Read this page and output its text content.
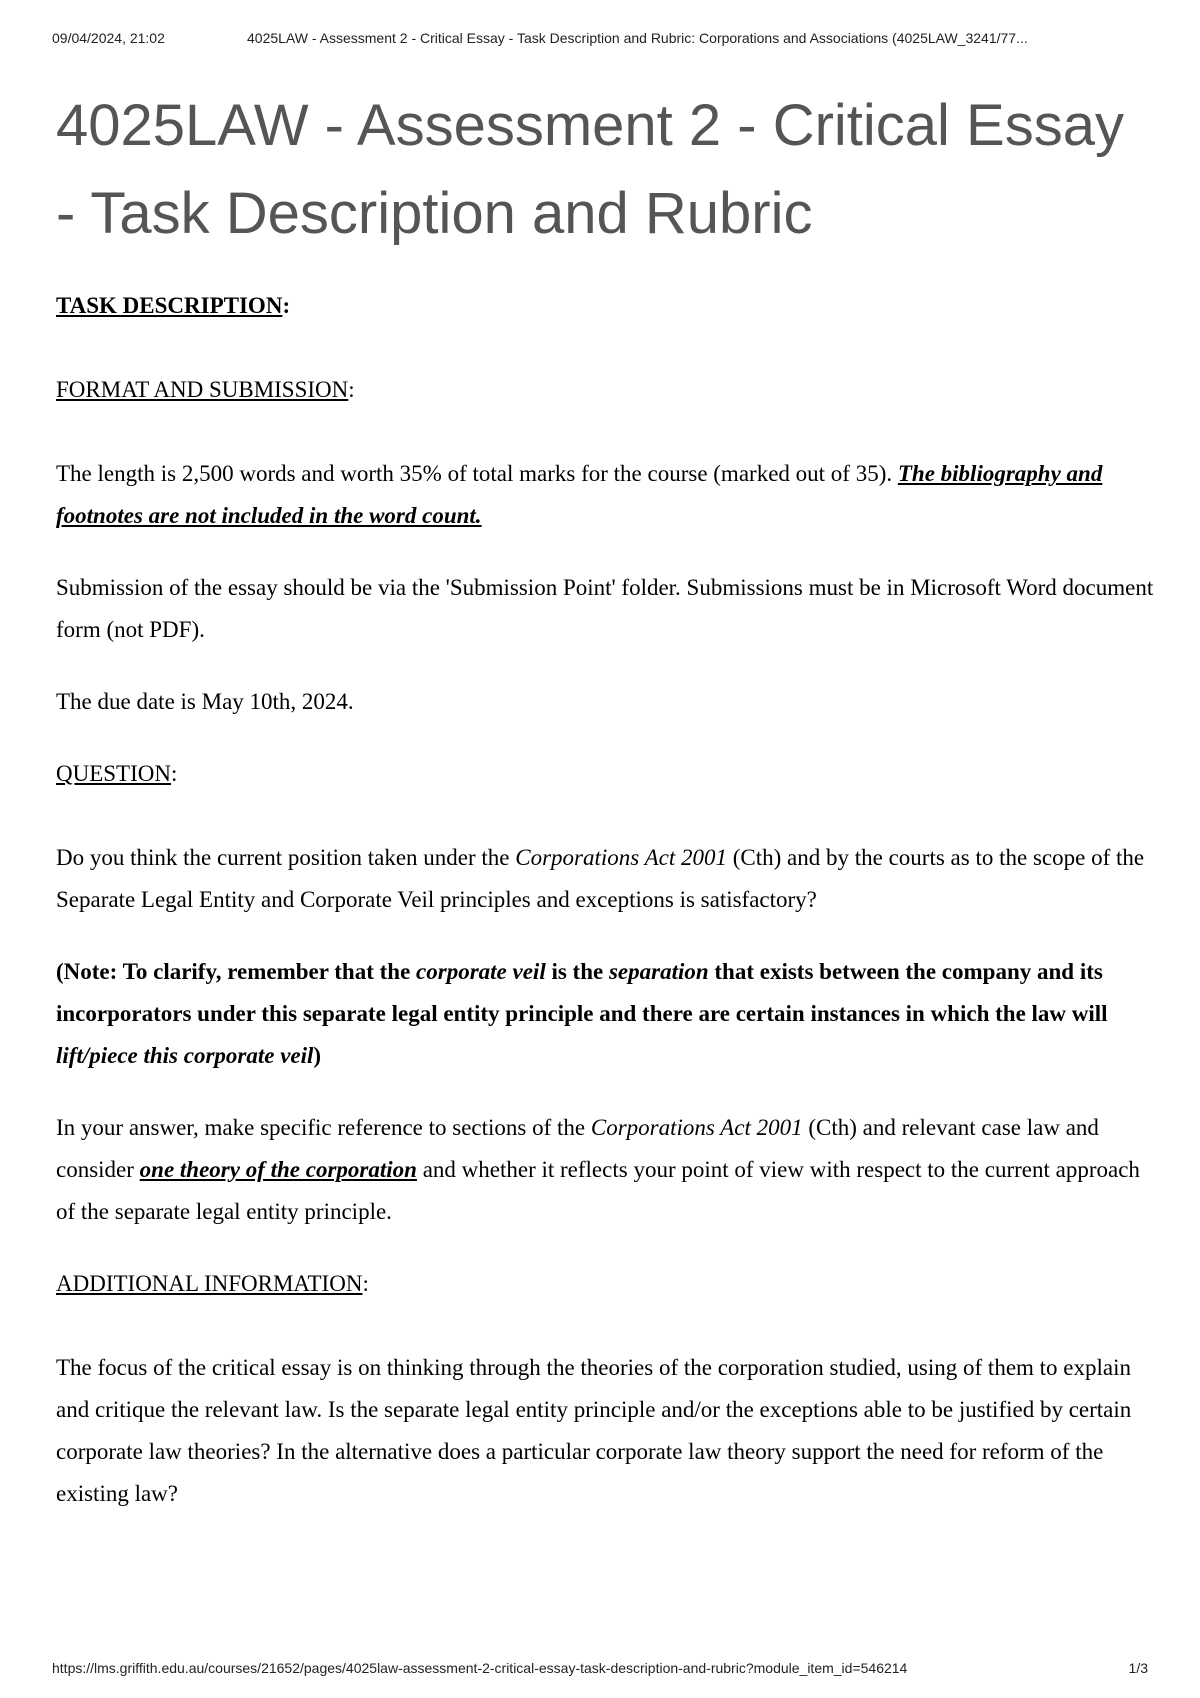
09/04/2024, 21:02	4025LAW - Assessment 2 - Critical Essay - Task Description and Rubric: Corporations and Associations (4025LAW_3241/77...
4025LAW - Assessment 2 - Critical Essay - Task Description and Rubric

TASK DESCRIPTION:

FORMAT AND SUBMISSION:

The length is 2,500 words and worth 35% of total marks for the course (marked out of 35). The bibliography and footnotes are not included in the word count.

Submission of the essay should be via the 'Submission Point' folder. Submissions must be in Microsoft Word document form (not PDF).

The due date is May 10th, 2024.

QUESTION:

Do you think the current position taken under the Corporations Act 2001 (Cth) and by the courts as to the scope of the Separate Legal Entity and Corporate Veil principles and exceptions is satisfactory?

(Note: To clarify, remember that the corporate veil is the separation that exists between the company and its incorporators under this separate legal entity principle and there are certain instances in which the law will lift/piece this corporate veil)

In your answer, make specific reference to sections of the Corporations Act 2001 (Cth) and relevant case law and consider one theory of the corporation and whether it reflects your point of view with respect to the current approach of the separate legal entity principle.

ADDITIONAL INFORMATION:

The focus of the critical essay is on thinking through the theories of the corporation studied, using of them to explain and critique the relevant law. Is the separate legal entity principle and/or the exceptions able to be justified by certain corporate law theories? In the alternative does a particular corporate law theory support the need for reform of the existing law?

https://lms.griffith.edu.au/courses/21652/pages/4025law-assessment-2-critical-essay-task-description-and-rubric?module_item_id=546214	1/3
